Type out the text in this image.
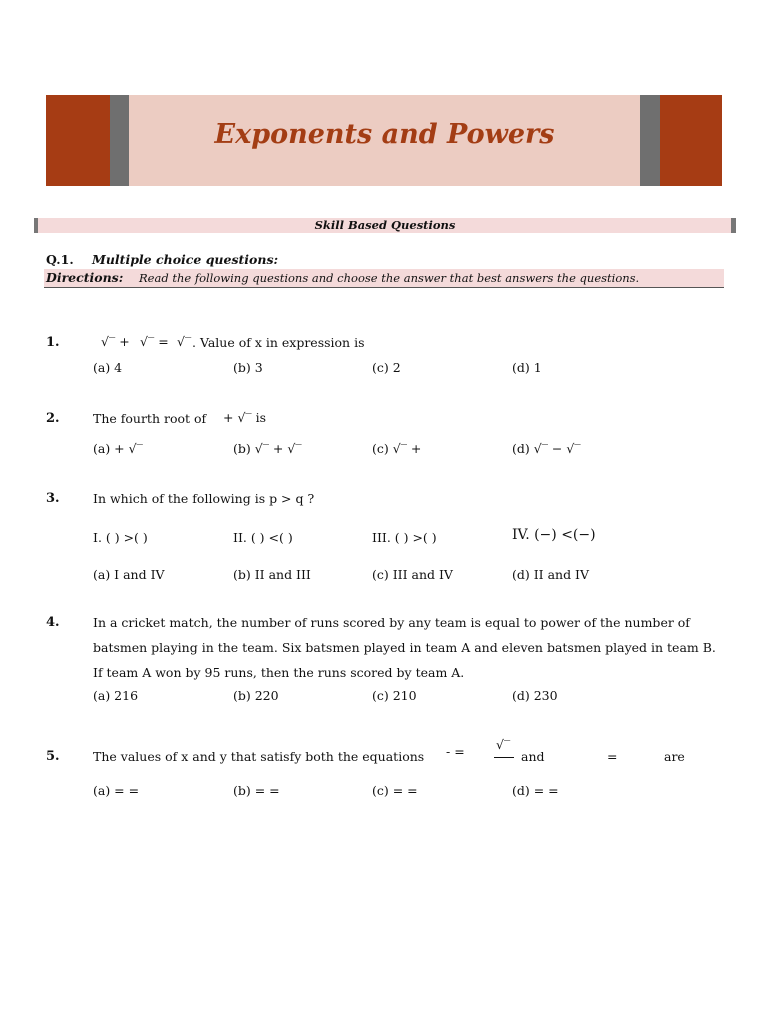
Exponents and Powers
Skill Based Questions
Q.1. Multiple choice questions:
Directions: Read the following questions and choose the answer that best answers the questions.
1.	√‾ + √‾ = √‾ . Value of x in expression is
(a) 4	(b) 3	(c) 2	(d) 1
2.	The fourth root of + √‾ is
(a) + √‾	(b) √‾ + √‾	(c) √‾ +	(d) √‾ − √‾
3.	In which of the following is p > q ?
I. ( ) >( )	II. ( ) <( )	III. ( ) >( )	IV. (−) <(−)
(a) I and IV	(b) II and III	(c) III and IV	(d) II and IV
4.	In a cricket match, the number of runs scored by any team is equal to power of the number of batsmen playing in the team. Six batsmen played in team A and eleven batsmen played in team B. If team A won by 95 runs, then the runs scored by team A.
(a) 216	(b) 220	(c) 210	(d) 230
5.	The values of x and y that satisfy both the equations - =	√‾
and	=	are
(a) = =	(b) = =	(c) = =	(d) = =
